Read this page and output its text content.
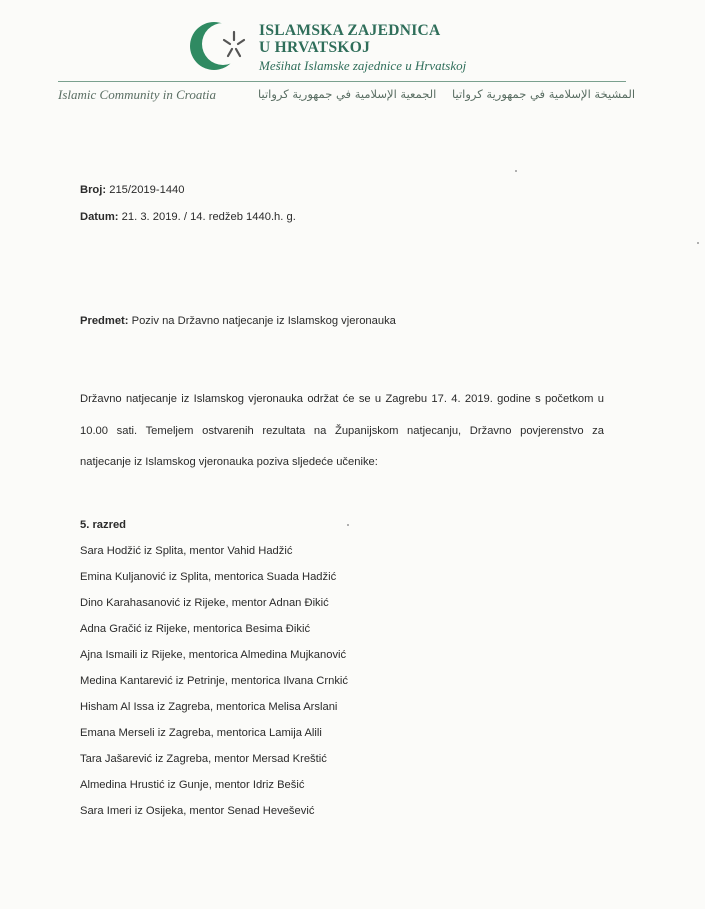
ISLAMSKA ZAJEDNICA
U HRVATSKOJ
Mešihat Islamske zajednice u Hrvatskoj
Islamic Community in Croatia	الجمعية الإسلامية في جمهورية كرواتيا المشيخة الإسلامية في جمهورية كرواتيا
Broj: 215/2019-1440
Datum: 21. 3. 2019. / 14. redžeb 1440.h. g.
Predmet: Poziv na Državno natjecanje iz Islamskog vjeronauka
Državno natjecanje iz Islamskog vjeronauka održat će se u Zagrebu 17. 4. 2019. godine s početkom u
10.00 sati. Temeljem ostvarenih rezultata na Županijskom natjecanju, Državno povjerenstvo za
natjecanje iz Islamskog vjeronauka poziva sljedeće učenike:
5. razred
Sara Hodžić iz Splita, mentor Vahid Hadžić
Emina Kuljanović iz Splita, mentorica Suada Hadžić
Dino Karahasanović iz Rijeke, mentor Adnan Đikić
Adna Gračić iz Rijeke, mentorica Besima Đikić
Ajna Ismaili iz Rijeke, mentorica Almedina Mujkanović
Medina Kantarević iz Petrinje, mentorica Ilvana Crnkić
Hisham Al Issa iz Zagreba, mentorica Melisa Arslani
Emana Merseli iz Zagreba, mentorica Lamija Alili
Tara Jašarević iz Zagreba, mentor Mersad Kreštić
Almedina Hrustić iz Gunje, mentor Idriz Bešić
Sara Imeri iz Osijeka, mentor Senad Hevešević
